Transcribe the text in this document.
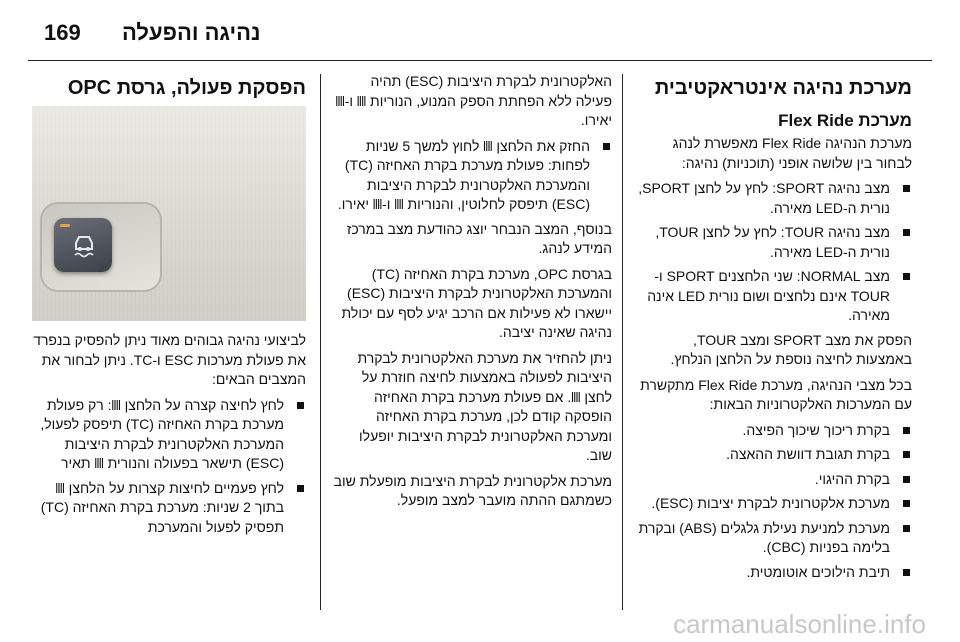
169 נהיגה והפעלה
מערכת נהיגה אינטראקטיבית
מערכת Flex Ride

מערכת הנהיגה Flex Ride מאפשרת לנהג לבחור בין שלושה אופני (תוכניות) נהיגה:

מצב נהיגה SPORT: לחץ על לחצן SPORT, נורית ה-LED מאירה.
מצב נהיגה TOUR: לחץ על לחצן TOUR, נורית ה-LED מאירה.
מצב NORMAL: שני הלחצנים SPORT ו-TOUR אינם נלחצים ושום נורית LED אינה מאירה.

הפסק את מצב SPORT ומצב TOUR, באמצעות לחיצה נוספת על הלחצן הנלחץ.

בכל מצבי הנהיגה, מערכת Flex Ride מתקשרת עם המערכות האלקטרוניות הבאות:

בקרת ריכוך שיכוך הפיצה.
בקרת תגובת דוושת ההאצה.
בקרת ההיגוי.
מערכת אלקטרונית לבקרת יציבות (ESC).
מערכת למניעת נעילת גלגלים (ABS) ובקרת בלימה בפניות (CBC).
תיבת הילוכים אוטומטית.

האלקטרונית לבקרת היציבות (ESC) תהיה פעילה ללא הפחתת הספק המנוע, הנוריות 𝍬 ו-𝍬 יאירו.

החזק את הלחצן 𝍬 לחוץ למשך 5 שניות לפחות: פעולת מערכת בקרת האחיזה (TC) והמערכת האלקטרונית לבקרת היציבות (ESC) תיפסק לחלוטין, והנוריות 𝍬 ו-𝍬 יאירו.

בנוסף, המצב הנבחר יוצג כהודעת מצב במרכז המידע לנהג.

בגרסת OPC, מערכת בקרת האחיזה (TC) והמערכת האלקטרונית לבקרת היציבות (ESC) יישארו לא פעילות אם הרכב יגיע לסף עם יכולת נהיגה שאינה יציבה.

ניתן להחזיר את מערכת האלקטרונית לבקרת היציבות לפעולה באמצעות לחיצה חוזרת על לחצן 𝍬. אם פעולת מערכת בקרת האחיזה הופסקה קודם לכן, מערכת בקרת האחיזה ומערכת האלקטרונית לבקרת היציבות יופעלו שוב.

מערכת אלקטרונית לבקרת היציבות מופעלת שוב כשמתגם ההתה מועבר למצב מופעל.

הפסקת פעולה, גרסת OPC

לביצועי נהיגה גבוהים מאוד ניתן להפסיק בנפרד את פעולת מערכות ESC ו-TC. ניתן לבחור את המצבים הבאים:

לחץ לחיצה קצרה על הלחצן 𝍬: רק פעולת מערכת בקרת האחיזה (TC) תיפסק לפעול, המערכת האלקטרונית לבקרת היציבות (ESC) תישאר בפעולה והנורית 𝍬 תאיר
לחץ פעמיים לחיצות קצרות על הלחצן 𝍬 בתוך 2 שניות: מערכת בקרת האחיזה (TC) תפסיק לפעול והמערכת
carmanualsonline.info
